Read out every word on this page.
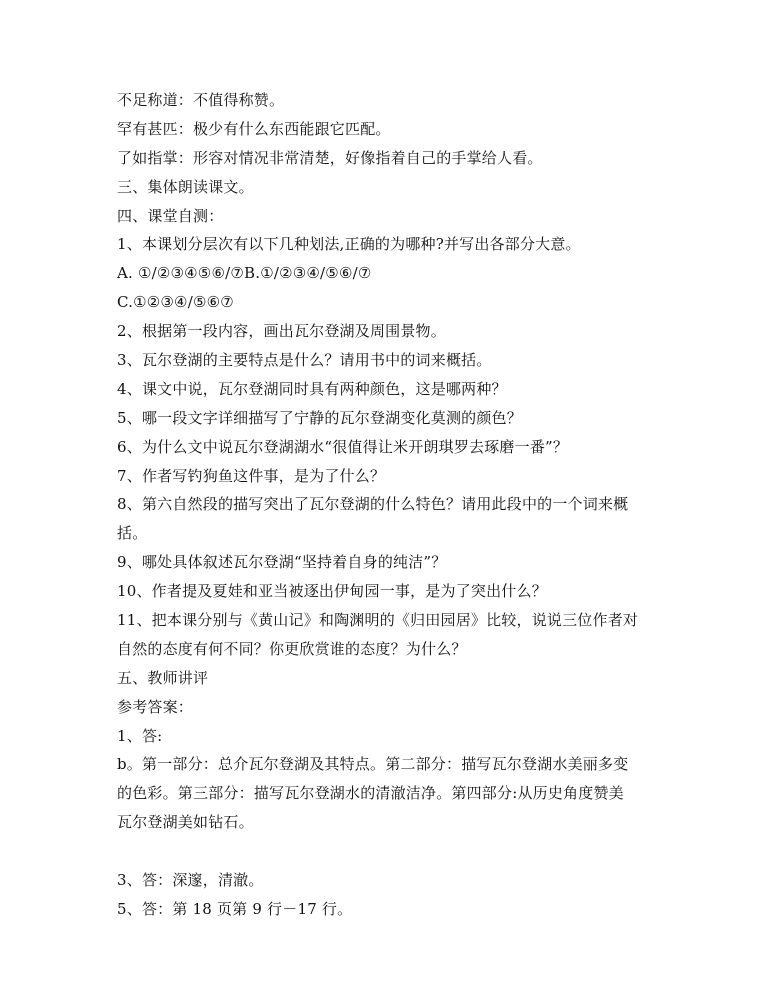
不足称道：不值得称赞。
罕有甚匹：极少有什么东西能跟它匹配。
了如指掌：形容对情况非常清楚，好像指着自己的手掌给人看。
三、集体朗读课文。
四、课堂自测：
1、本课划分层次有以下几种划法,正确的为哪种?并写出各部分大意。
A. ①/②③④⑤⑥/⑦B.①/②③④/⑤⑥/⑦
C.①②③④/⑤⑥⑦
2、根据第一段内容，画出瓦尔登湖及周围景物。
3、瓦尔登湖的主要特点是什么？请用书中的词来概括。
4、课文中说，瓦尔登湖同时具有两种颜色，这是哪两种？
5、哪一段文字详细描写了宁静的瓦尔登湖变化莫测的颜色？
6、为什么文中说瓦尔登湖湖水“很值得让米开朗琪罗去琢磨一番”？
7、作者写钓狗鱼这件事，是为了什么？
8、第六自然段的描写突出了瓦尔登湖的什么特色？请用此段中的一个词来概
括。
9、哪处具体叙述瓦尔登湖“坚持着自身的纯洁”？
10、作者提及夏娃和亚当被逐出伊甸园一事，是为了突出什么？
11、把本课分别与《黄山记》和陶渊明的《归田园居》比较，说说三位作者对
自然的态度有何不同？你更欣赏谁的态度？为什么？
五、教师讲评
参考答案：
1、答:
b。第一部分：总介瓦尔登湖及其特点。第二部分：描写瓦尔登湖水美丽多变
的色彩。第三部分：描写瓦尔登湖水的清澈洁净。第四部分:从历史角度赞美
瓦尔登湖美如钻石。
3、答：深邃，清澈。
5、答：第 18 页第 9 行－17 行。
